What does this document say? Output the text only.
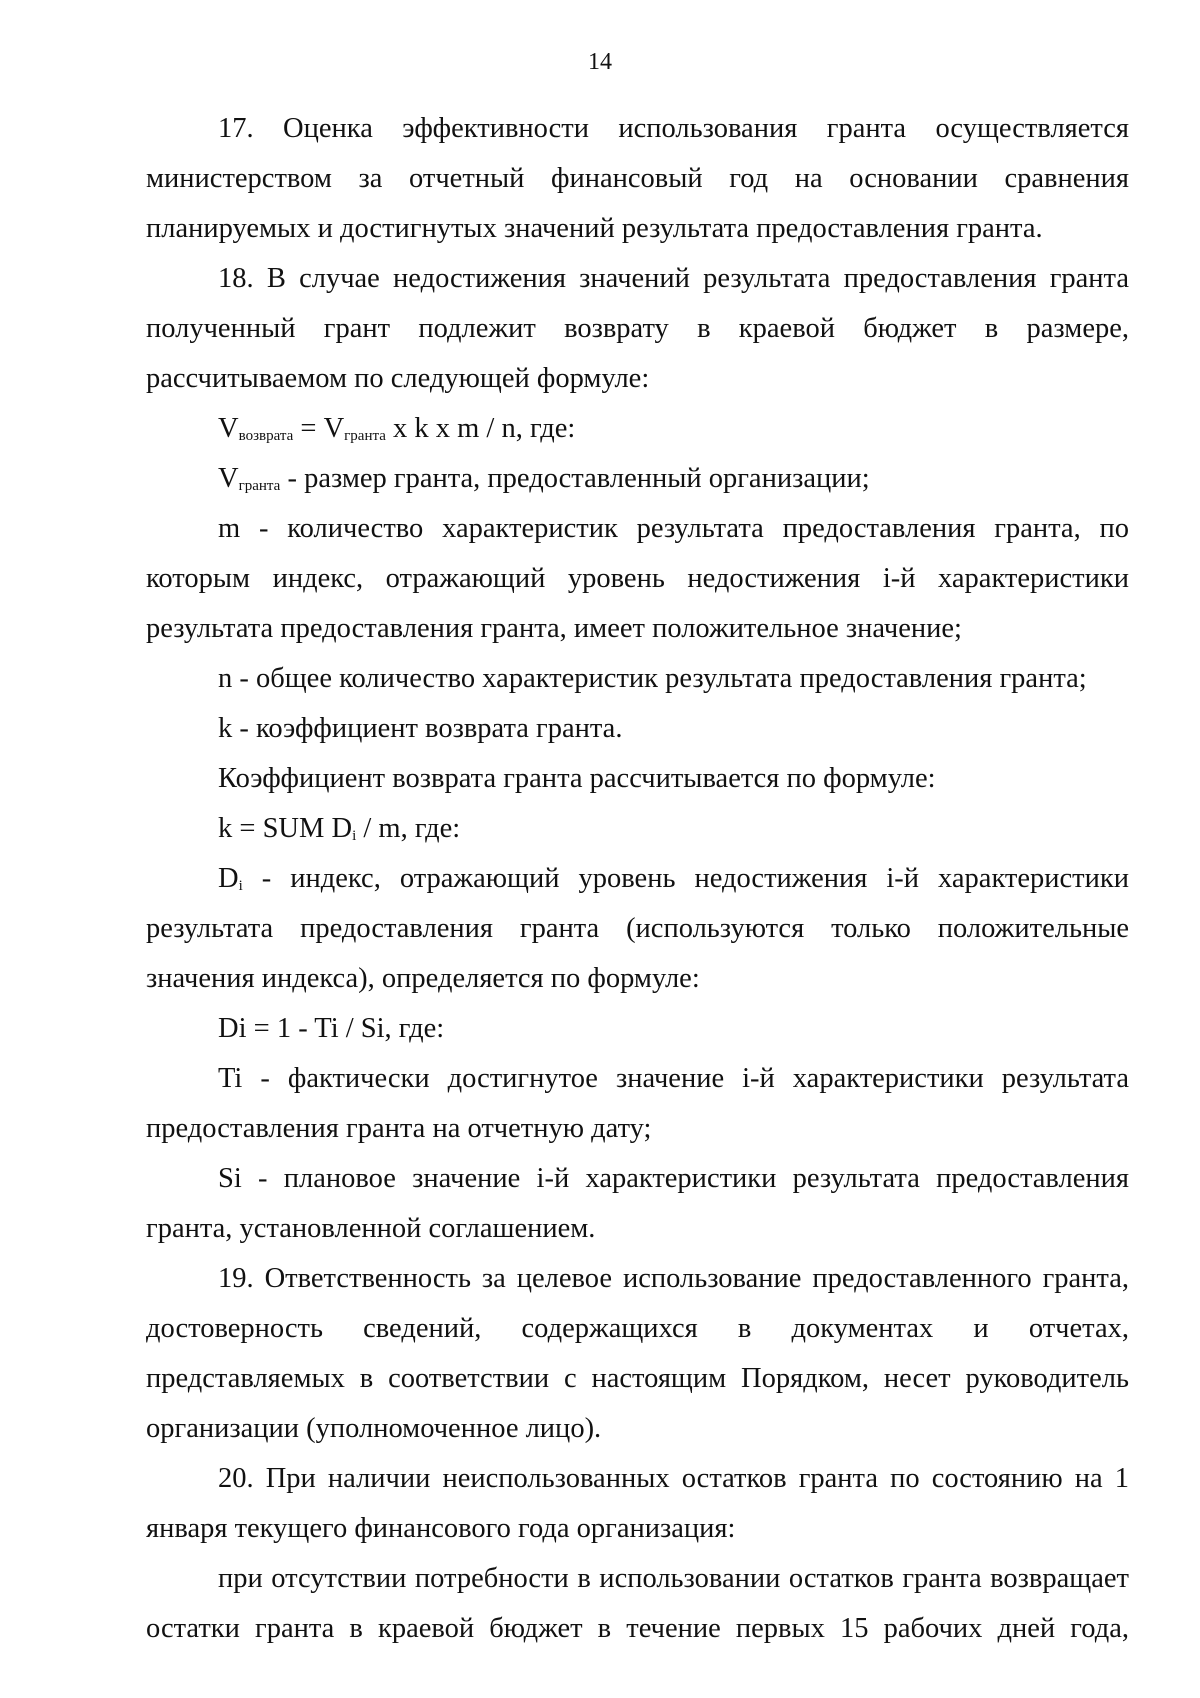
14

17. Оценка эффективности использования гранта осуществляется министерством за отчетный финансовый год на основании сравнения планируемых и достигнутых значений результата предоставления гранта.

18. В случае недостижения значений результата предоставления гранта полученный грант подлежит возврату в краевой бюджет в размере, рассчитываемом по следующей формуле:

$V_{возврата} = V_{гранта}$ x k x m / n, где:

$V_{гранта}$ - размер гранта, предоставленный организации;

m - количество характеристик результата предоставления гранта, по которым индекс, отражающий уровень недостижения i-й характеристики результата предоставления гранта, имеет положительное значение;

n - общее количество характеристик результата предоставления гранта;

k - коэффициент возврата гранта.

Коэффициент возврата гранта рассчитывается по формуле:

k = SUM $D_i$ / m, где:

$D_i$ - индекс, отражающий уровень недостижения i-й характеристики результата предоставления гранта (используются только положительные значения индекса), определяется по формуле:

Di = 1 - Ti / Si, где:

Ti - фактически достигнутое значение i-й характеристики результата предоставления гранта на отчетную дату;

Si - плановое значение i-й характеристики результата предоставления гранта, установленной соглашением.

19. Ответственность за целевое использование предоставленного гранта, достоверность сведений, содержащихся в документах и отчетах, представляемых в соответствии с настоящим Порядком, несет руководитель организации (уполномоченное лицо).

20. При наличии неиспользованных остатков гранта по состоянию на 1 января текущего финансового года организация:

при отсутствии потребности в использовании остатков гранта возвращает остатки гранта в краевой бюджет в течение первых 15 рабочих дней года,
